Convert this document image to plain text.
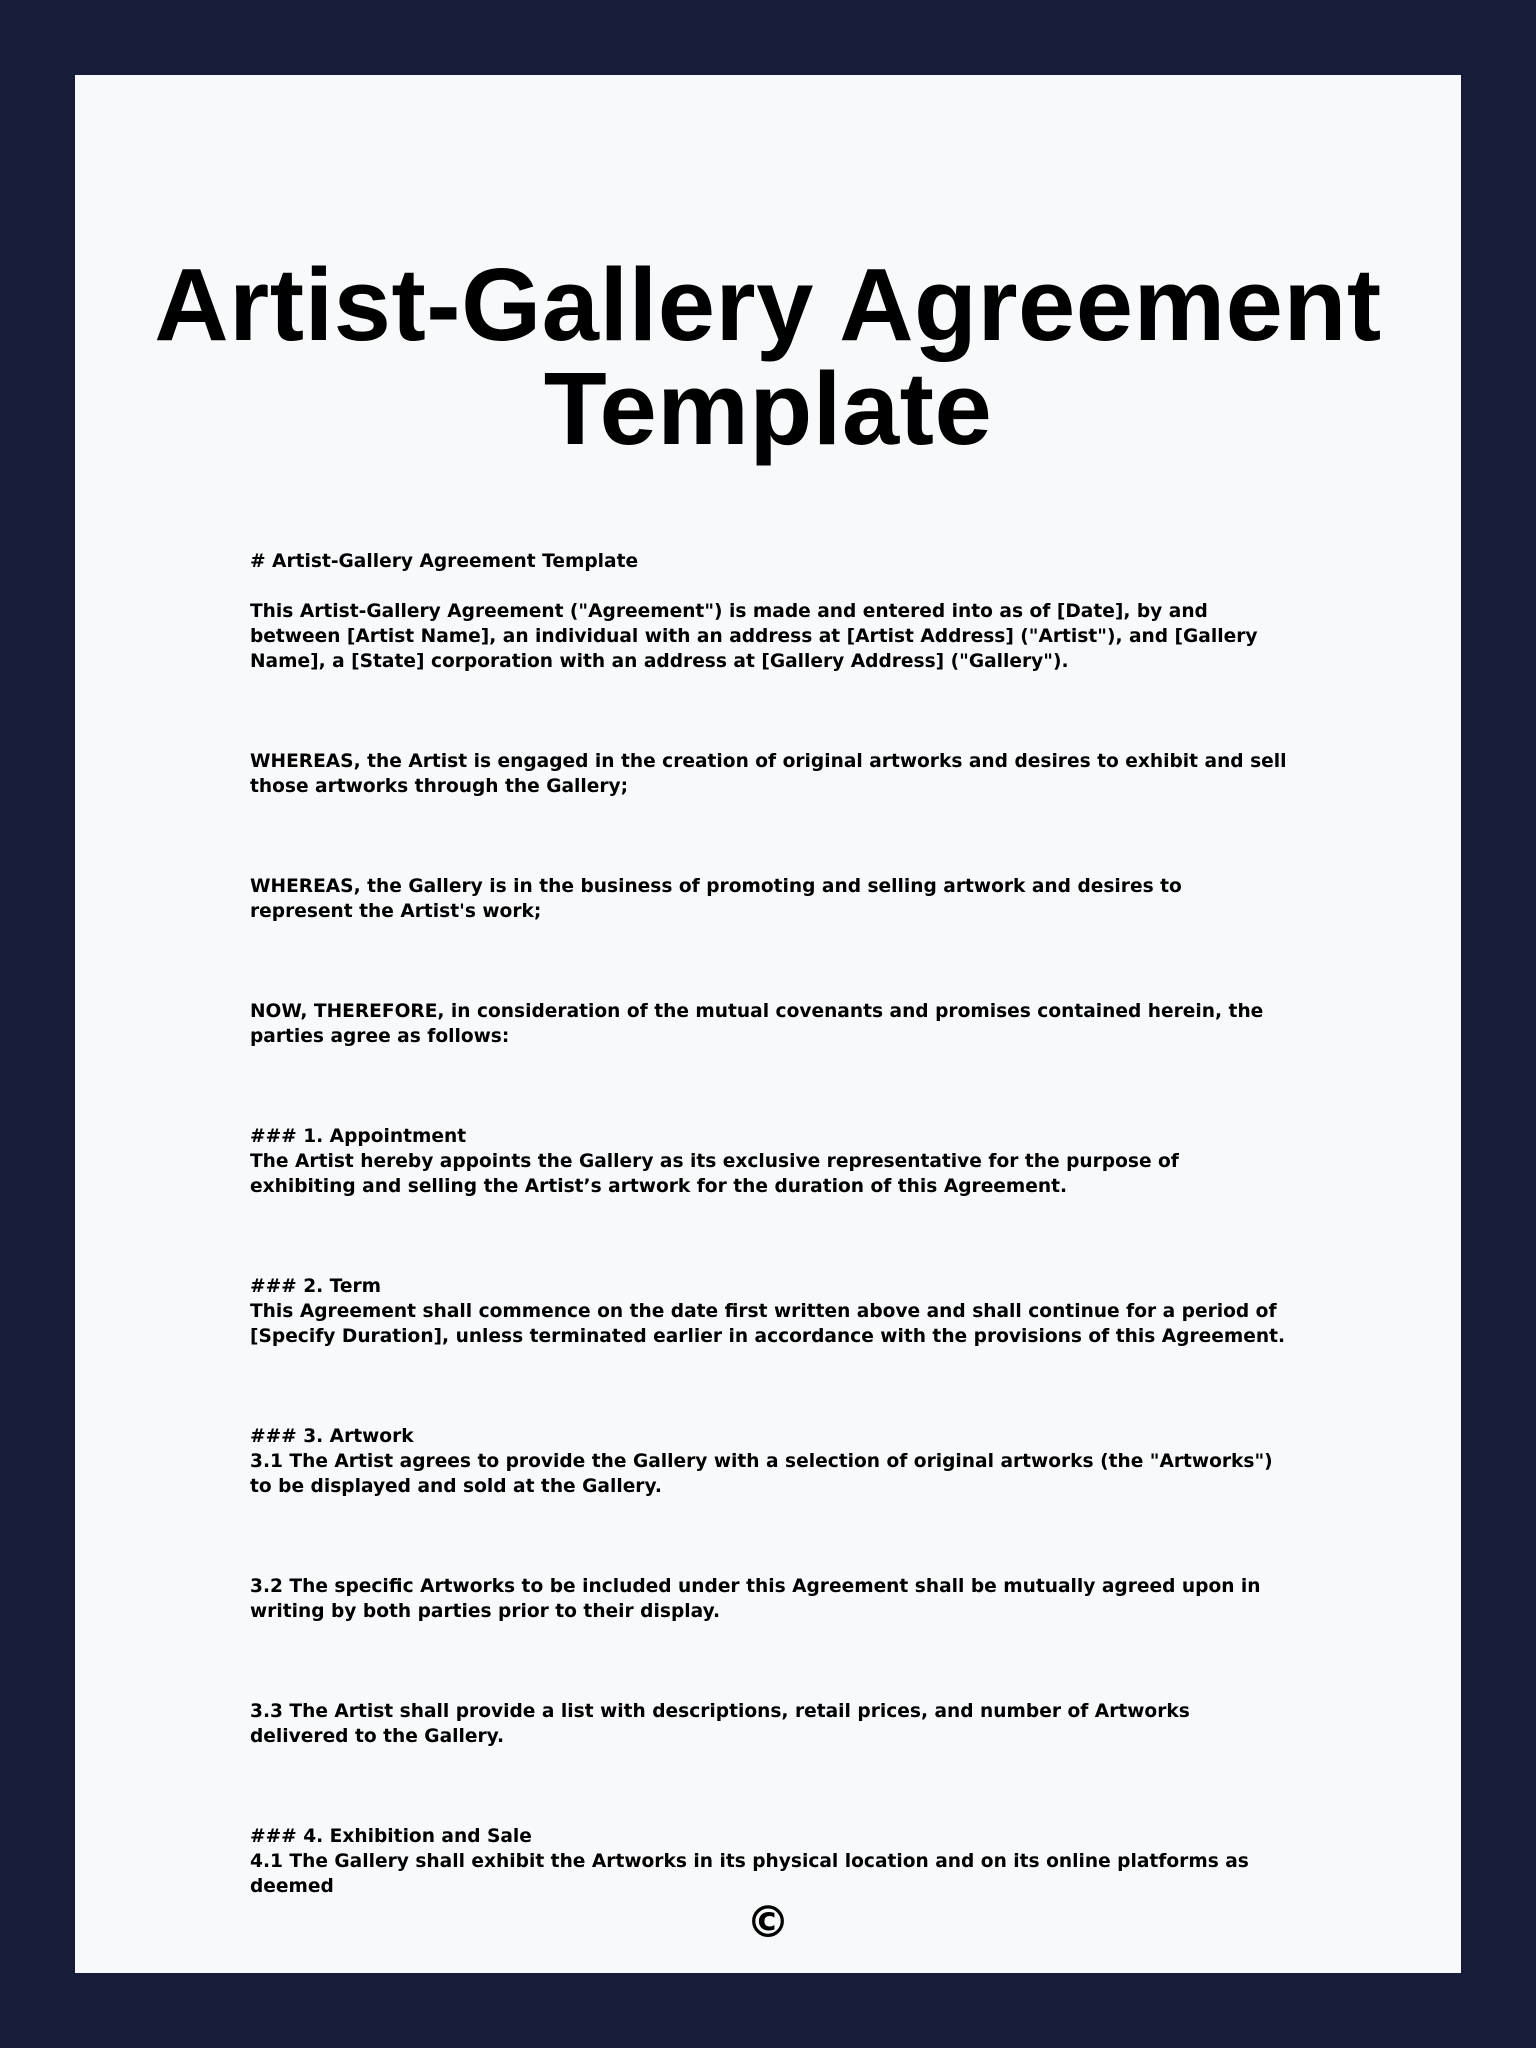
Artist-Gallery Agreement Template

# Artist-Gallery Agreement Template

This Artist-Gallery Agreement ("Agreement") is made and entered into as of [Date], by and between [Artist Name], an individual with an address at [Artist Address] ("Artist"), and [Gallery Name], a [State] corporation with an address at [Gallery Address] ("Gallery").

WHEREAS, the Artist is engaged in the creation of original artworks and desires to exhibit and sell those artworks through the Gallery;

WHEREAS, the Gallery is in the business of promoting and selling artwork and desires to represent the Artist's work;

NOW, THEREFORE, in consideration of the mutual covenants and promises contained herein, the parties agree as follows:

### 1. Appointment

The Artist hereby appoints the Gallery as its exclusive representative for the purpose of exhibiting and selling the Artist’s artwork for the duration of this Agreement.

### 2. Term

This Agreement shall commence on the date first written above and shall continue for a period of [Specify Duration], unless terminated earlier in accordance with the provisions of this Agreement.

### 3. Artwork

3.1 The Artist agrees to provide the Gallery with a selection of original artworks (the "Artworks") to be displayed and sold at the Gallery.

3.2 The specific Artworks to be included under this Agreement shall be mutually agreed upon in writing by both parties prior to their display.

3.3 The Artist shall provide a list with descriptions, retail prices, and number of Artworks delivered to the Gallery.

### 4. Exhibition and Sale

4.1 The Gallery shall exhibit the Artworks in its physical location and on its online platforms as deemed

©
